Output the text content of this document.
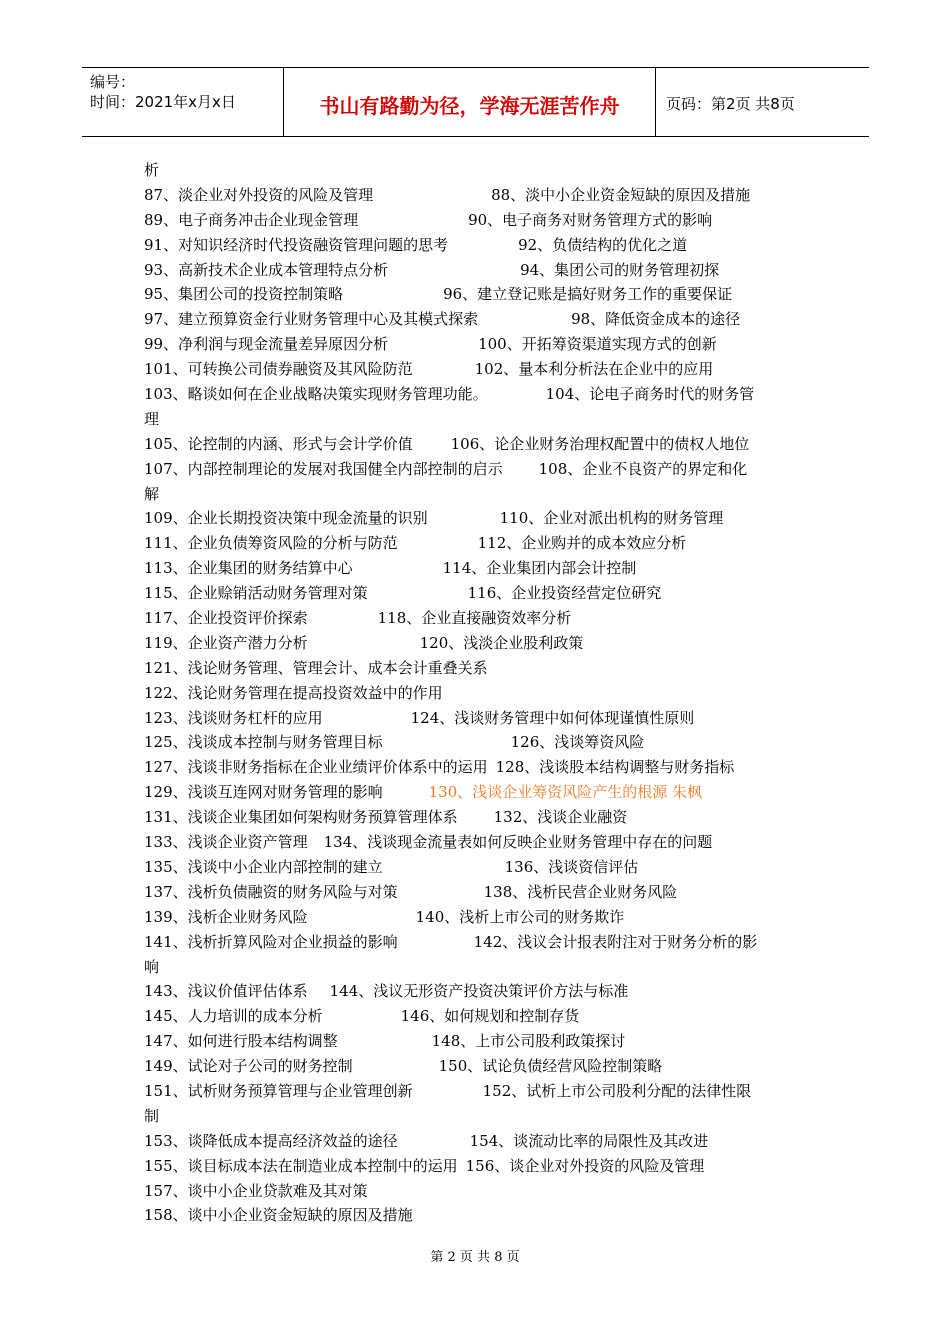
编号：
时间：2021年x月x日	书山有路勤为径，学海无涯苦作舟	页码：第2页 共8页
析
87、淡企业对外投资的风险及管理	88、淡中小企业资金短缺的原因及措施
89、电子商务冲击企业现金管理	90、电子商务对财务管理方式的影响
91、对知识经济时代投资融资管理问题的思考	92、负债结构的优化之道
93、高新技术企业成本管理特点分析	94、集团公司的财务管理初探
95、集团公司的投资控制策略	96、建立登记账是搞好财务工作的重要保证
97、建立预算资金行业财务管理中心及其模式探索	98、降低资金成本的途径
99、净利润与现金流量差异原因分析	100、开拓筹资渠道实现方式的创新
101、可转换公司债券融资及其风险防范	102、量本利分析法在企业中的应用
103、略谈如何在企业战略决策实现财务管理功能。	104、论电子商务时代的财务管
理
105、论控制的内涵、形式与会计学价值	106、论企业财务治理权配置中的债权人地位
107、内部控制理论的发展对我国健全内部控制的启示 108、企业不良资产的界定和化
解
109、企业长期投资决策中现金流量的识别	110、企业对派出机构的财务管理
111、企业负债筹资风险的分析与防范	112、企业购并的成本效应分析
113、企业集团的财务结算中心	114、企业集团内部会计控制
115、企业赊销活动财务管理对策	116、企业投资经营定位研究
117、企业投资评价探索	118、企业直接融资效率分析
119、企业资产潜力分析	120、浅淡企业股利政策
121、浅论财务管理、管理会计、成本会计重叠关系
122、浅论财务管理在提高投资效益中的作用
123、浅谈财务杠杆的应用	124、浅谈财务管理中如何体现谨慎性原则
125、浅谈成本控制与财务管理目标	126、浅谈筹资风险
127、浅谈非财务指标在企业业绩评价体系中的运用 128、浅谈股本结构调整与财务指标
129、浅谈互连网对财务管理的影响	130、浅谈企业筹资风险产生的根源 朱枫
131、浅谈企业集团如何架构财务预算管理体系 132、浅谈企业融资
133、浅谈企业资产管理 134、浅谈现金流量表如何反映企业财务管理中存在的问题
135、浅谈中小企业内部控制的建立	136、浅谈资信评估
137、浅析负债融资的财务风险与对策	138、浅析民营企业财务风险
139、浅析企业财务风险	140、浅析上市公司的财务欺诈
141、浅析折算风险对企业损益的影响	142、浅议会计报表附注对于财务分析的影
响
143、浅议价值评估体系 144、浅议无形资产投资决策评价方法与标准
145、人力培训的成本分析	146、如何规划和控制存货
147、如何进行股本结构调整	148、上市公司股利政策探讨
149、试论对子公司的财务控制	150、试论负债经营风险控制策略
151、试析财务预算管理与企业管理创新	152、试析上市公司股利分配的法律性限
制
153、谈降低成本提高经济效益的途径	154、谈流动比率的局限性及其改进
155、谈目标成本法在制造业成本控制中的运用 156、谈企业对外投资的风险及管理
157、谈中小企业贷款难及其对策
158、谈中小企业资金短缺的原因及措施
第 2 页 共 8 页
